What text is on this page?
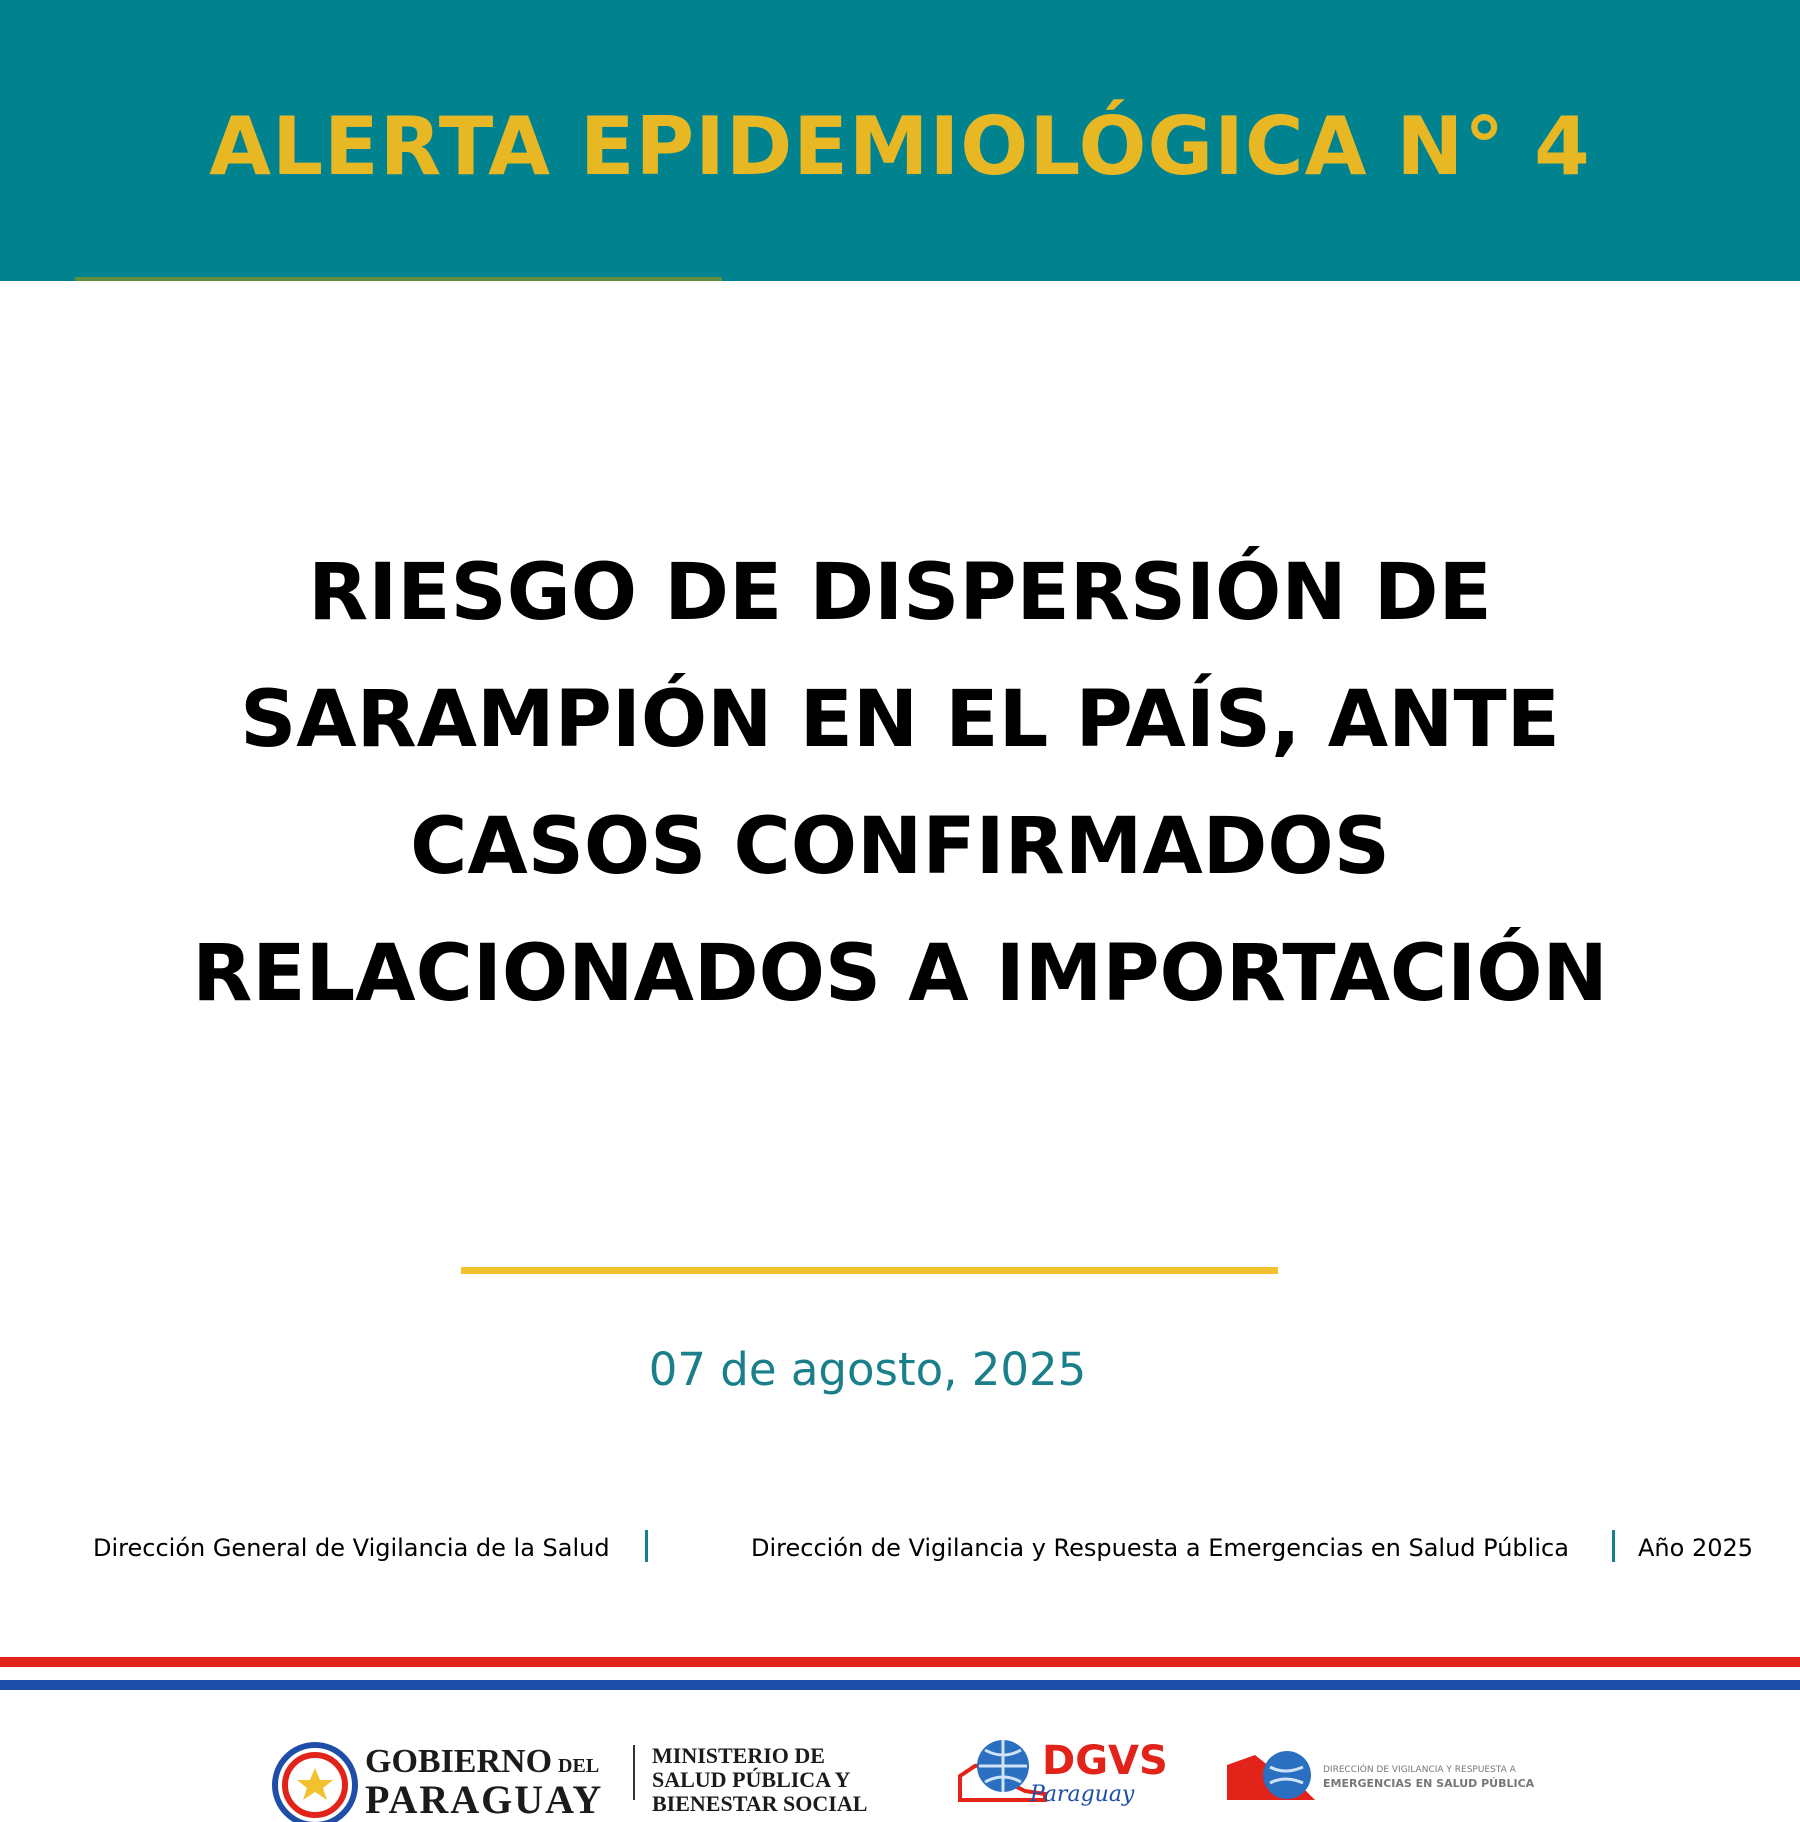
ALERTA EPIDEMIOLÓGICA N° 4
RIESGO DE DISPERSIÓN DE
SARAMPIÓN EN EL PAÍS, ANTE
CASOS CONFIRMADOS
RELACIONADOS A IMPORTACIÓN
07 de agosto, 2025
Dirección General de Vigilancia de la Salud	Dirección de Vigilancia y Respuesta a Emergencias en Salud Pública	Año 2025
GOBIERNO DEL
PARAGUAY
MINISTERIO DE
SALUD PÚBLICA Y
BIENESTAR SOCIAL
DGVS
Paraguay
DIRECCIÓN DE VIGILANCIA Y RESPUESTA A
EMERGENCIAS EN SALUD PÚBLICA
